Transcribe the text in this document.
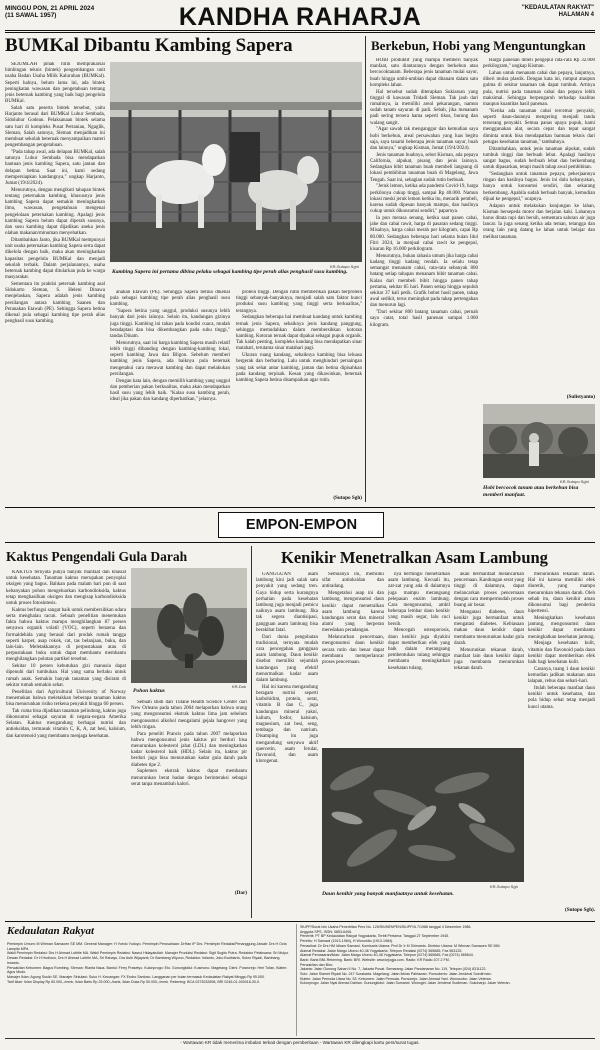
MINGGU PON, 21 APRIL 2024
(11 SAWAL 1957)	KANDHA RAHARJA	"KEDAULATAN RAKYAT"
HALAMAN 4
BUMKal Dibantu Kambing Sapera

SEJUMLAH pihak rutin memprakarsai bimbingan teknis (bintek) pengembangan unit usaha Badan Usaha Milik Kalurahan (BUMKal). Seperti halnya, belum lama ini, ada bintek peningkatan wawasan dan pengetahuan tentang jenis beternak kambing yang baik bagi pengelola BUMKal.

Salah satu peserta bintek tersebut, yaitu Harjanto berasal dari BUMKal Luhur Sembada, Sidoluhur Godean. Pelaksanaan bintek selama satu hari di kompleks Pusat Pertanian, Ngaglik, Sleman, Salah satunya, Sleman menjadikan ini membuat sekolah beternak menyampaikan materi pengembangan pengetahuan.

"Pada tahap awal, ada delapan BUMKal, salah satunya Luhur Sembada bisa mendapatkan bantuan jenis kambing Sapera, satu jantan dan delapan betina. Saat ini, kami sedang mempersiapkan kandangnya," ungkap Harjanto, Jumat (19/4/2024).

Menurutnya, dengan mengikuti tahapan bintek tentang peternakan kambing, khususnya jenis kambing Sapera dapat semakin meningkatkan ilmu, wawasan, pengetahuan mengenai pengelolaan peternakan kambing. Apalagi jenis kambing Sapera belum dapat diperah susunya, dan susu kambing dapat dijadikan aneka jenis olahan makanan/minuman menyehatkan.

Ditambahkan Janto, jika BUMKal mempunyai unit usaha peternakan kambing Sapera serta dapat dikelola dengan baik, maka akan meningkatkan kapasitas pengelola BUMKal dan menjadi sekolah terbaik. Dalam perjalanannya, usaha beternak kambing dapat ditularkan pula ke warga masyarakat.

Sementara itu praktisi peternak kambing asal Sidokarto Sleman, S. Heleni Dinawa menjelaskan, Sapera adalah jenis kambing persilangan antara kambing Saanen dan Peranakan Etawah (PE). Sehingga Sapera betina dikenal pula sebagai kambing tipe perah alias penghasil susu kambing.

KR-Sutopo Sghi
Kambing Sapera ini pertama dibina pelaku sebagai kambing tipe perah alias penghasil susu kambing.

anakan Etawah (PE). Sehingga Sapera betina dikenal pula sebagai kambing tipe perah alias penghasil susu kambing.

"Sapera betina yang unggul, produksi susunya lebih banyak dari jenis lainnya. Selain itu, kandungan gizinya juga tinggi. Kambing ini tahan pada kondisi cuaca, mudah beradaptasi dan bisa dikembangkan pada suhu tinggi," tandas Dinam.

Menurutnya, saat ini harga kambing Sapera masih relatif lebih tinggi dibanding dengan kambing-kambing lokal, seperti kambing Jawa dan Bligon. Sebelum memberi kambing jenis Sapera, ada baiknya pula beternak mengetahui cara merawat kambing dan dapat melakukan persilangan.

Dengan kata lain, dengan memilih kambing yang unggul dan pemberian pakan berkualitas, maka akan mendapatkan hasil susu yang lebih baik. "Kalau susu kambing perah, ideal jika pakan dan kandang diperhatikan," jelasnya.

protein tinggi. Dengan rutin memberikan pakan berprotein tinggi sebanyak-banyaknya, menjadi salah satu faktor kunci produksi susu kambing yang tinggi serta berkualitas," terangnya.

Sedangkan beberapa hal membuat kandang untuk kambing ternak jenis Sapera, sebaiknya jenis kandang panggung, sehingga memudahkan dalam membersihkan kotoran kambing. Kotoran ternak dapat dipakai sebagai pupuk organik. Tak kalah penting, kompleks kandang bisa mendapatkan sinar matahari, terutama sinar matahari pagi.

Ukuran ruang kandang, sebaiknya kambing bisa leluasa bergerak dan berbaring. Lalu untuk menghindari persaingan yang tak sehat antar kambing, jantan dan betina dipisahkan pada kandang terpisah. Kesan yang dikawinkan, beternak kambing Sapera betina disampaikan agar rutin.

(Sutopo Sgh)
Berkebun, Hobi yang Menguntungkan

HOBI produktif yang mampu memberi banyak manfaat, satu diantaranya dengan berkebun atau bercocoktanam. Beberapa jenis tanaman mulai sayur, buah hingga umbi-umbian dapat ditanam dalam satu kompleks lahan.

Hal tersebut sudah diterapkan Sukiarsan yang tinggal di kawasan Tridadi Sleman. Tak jauh dari rumahnya, ia memiliki areal pekarangan, namun sudah tanam sayuran di padi. Sebab, jika menanam padi sering tersera hama seperti tikus, burung dan walang sangit.

"Agar sawah tak menganggur dan kemudian saya hobi berkebun, areal persawahan yang luas begitu saja, saya tanami beberapa jenis tanaman sayur, buah dan lainnya," ungkap Kisman, Jumat (19/4/2024).

Jenis tanaman buahnya, sebut Kisman, ada pepaya California, alpukat, pisang dan jenis lainnya. Sedangkan bibit tanaman buah membeli langsung di lokasi pembibitan tanaman buah di Magelang, Jawa Tengah. Saat ini, sebagian sudah rutin berbuah.

"Jeruk lemon, ketika ada pandemi Covid-19, harga perkilonya cukup tinggi, sampai Rp 40.000. Namun lokasi meski jeruk lemon ketika itu, menarik pembeli, karena sudah dipesan banyak mampu, dan hasilnya cukup untuk dikonsumsi sendiri," paparnya.

Ia pun merasa senang, ketika saat panen cabai, jahe dan cabai rawit, harga di pasaran sedang tinggi. Misalnya, harga cabai merah per kilogram, capai Rp 80.000. Sedangkan beberapa hari selama bulan Idul Fitri 2024, ia menjual cabai rawit ke pengepul, kisaran Rp 16.000 perkilogram.

Menurutnya, bukan rahasia umum jika harga cabai kadang tinggi kadang rendah. Ia selalu tetap semangat menanam cabai, rata-rata sebanyak 800 batang setiap tahapan menanam bibit tanaman cabai. Kalau dari membeli bibit hingga panen tahap pertama, sekitar 85 hari. Panen setiap hingga sepuluh sekitar 37 kali petik. Grafik bobot hasil panen, tahap awal sedikit, terus meningkat pada tahap pertengahan dan menurun lagi.

"Dari sekitar 800 batang tanaman cabai, pernah saya catat, total hasil panenan sampai 1.060 kilogram.

Harga panenan dibeli pengepul rata-rata Rp 32.000 perkilogram," ungkap Kisman.

Lahan untuk menanam cabai dan pepaya, lanjutnya, diberi mulsa plastik. Dengan kata ini, rumput ataupun gulma di sekitar tanaman tak dapat tumbuh. Artinya pula, nutrisi pada tanaman cabai dan pepaya lebih maksimal. Sehingga berpengaruh terhadap kualitas maupun kuantitas hasil panenan.

"Ketika ada tanaman cabai tercemar penyakit, seperti daun-daunnya mengering menjadi tanda terserang penyakit. Semua panas upaya pupuk, kami menggunakan alat, secara cepat dan tepat sangat diminta untuk bisa mendapatkan bantuan teknis dari petugas kesehatan tanaman," tambahnya.

Ditambahkan, untuk jenis tanaman alpukat, sudah tumbuh tinggi dan berbuah lebat. Apalagi hasilnya sangat bagus, sudah berbuah lebat dan berkembang untuk dipasarkan, tetapi masih tahap awal pembibitan.

"Sedangkan untuk tanaman pepaya, pekerjaannya ringan dan hasilnya bagus. Jenis ini dulu kebanyakan, hanya untuk konsumsi sendiri, dan sekarang berkembang. Apabila sudah berbuah banyak, kemudian dijual ke pengepul," ucapnya.

Adapun untuk melakukan kunjungan ke lahan, Kisman bersepeda motor dan berjalan kaki. Lahannya harus ditata rapi dan bersih, sementara saluran air juga lancar. Ia juga senang ketika ada teman, tetangga dan orang lain yang datang ke lahan untuk belajar dan melihat tanaman.

(Sulistyanto)
KR-Sutopo Sghi
Hobi bercocok tanam atau berkebun bisa memberi manfaat.
EMPON-EMPON
Kaktus Pengendali Gula Darah

KAKTUS ternyata punya banyak manfaat dan khasiat untuk kesehatan. Tanaman kaktus merupakan penyuplai oksigen yang bagus. Bahkan pada malam hari pun di saat kebanyakan pohon mengeluarkan karbondioksida, kaktus tetap menghasilkan oksigen dan mengisap karbondioksida untuk proses fotosintesis.

Kaktus berfungsi sangat baik untuk membersihkan udara serta menghalau racun. Sebuah penelitian menemukan fakta bahwa kaktus mampu menghilangkan 87 persen senyawa organik volatil (VOC), seperti benzena dan formaldehida yang berasal dari produk rumah tangga seperti karpet, asap rokok, cat, tas belanjaan, buku, dan lain-lain. Meletakkannya di perpustakaan atau di perpustakaan buku untuk dapat membantu membantu menghilangkan polutan partikel tersebut.

Sekitar 10 persen kebutuhan gizi manusia dapat dipenuhi dari tumbuhan. Hal yang sama berlaku untuk rumah anak. Semakin banyak tanaman yang disiram di sekitar rumah semakin sehat.

Penelitian dari Agricultural University of Norway menemukan bahwa meletakkan beberapa tanaman kaktus bisa menurunkan risiko terkena penyakit hingga 60 persen.

Tak cuma bisa dijadikan tanaman pelindung, kaktus juga dikonsumsi sebagai sayuran di negara-negara Amerika Selatan. Kaktus mengandung berbagai nutrisi dan antioksidan, termasuk vitamin C, K, A, zat besi, kalsium, dan karotenoid yang membantu menjaga kesehatan.

KR-Dok
Pohon kaktus

Sebuah studi dari Tulane Health Science Center dari New Orleans pada tahun 2004 melaporkan bahwa orang yang mengonsumsi ekstrak kaktus lima jam sebelum mengonsumsi alkohol mengalami gejala hangover yang lebih ringan.

Para peneliti Prancis pada tahun 2007 melaporkan bahwa mengonsumsi jenis kaktus pir berduri bisa menurunkan kolesterol jahat (LDL) dan meningkatkan kadar kolesterol baik (HDL). Selain itu, kaktus pir berduri juga bisa menurunkan kadar gula darah pada diabetes tipe 2.

Suplemen ekstrak kaktus dapat membantu menurunkan berat badan dengan berinteraksi sebagai serat tanpa menambah kalori.

(Dar)
Kenikir Menetralkan Asam Lambung

GANGGUAN asam lambung kini jadi salah satu penyakit yang sedang tren. Gaya hidup serta kurangnya perhatian pada kesehatan lambung juga menjadi pemicu naiknya asam lambung. Jika tak segera diantisipasi, gangguan asam lambung bisa berakibat fatal.

Dari dunia pengobatan tradisional, ternyata mudah cara pencegahan gangguan asam lambung. Daun kenikir disebut memiliki sejumlah kandungan yang efektif menormalkan kadar asam dalam lambung.

Hal ini karena mengandung beragam nutrisi seperti karbohidrat, protein, serat, vitamin B dan C, juga kandungan mineral yakni, kalium, fosfor, kalsium, magnesium, zat besi, seng, tembaga dan natrium. Disamping itu juga mengandung senyawa aktif quercetin, asam ferulat, flavonoid, dan asam klorogenat.

Semuanya ini, memiliki sifat antioksidan dan antiradang.

Mengetahui asap ini dan lambung, mengonsumsi daun kenikir dapat menetralkan asam lambung karena kandungan serat dan mineral alami yang berperan meredakan peradangan.

Melancarkan pencernaan, mengonsumsi daun kenikir secara rutin dan benar dapat membantu memperlancar proses pencernaan.

nya berfungsi menetralkan asam lambung. Kecuali itu, zat-zat yang ada di dalamnya juga mampu merangsang pelepasan enzim lambung. Cara mengonsumsi, ambil beberapa lembar daun kenikir yang masih segar, lalu cuci bersih.

Mencegah osteoporosis, daun kenikir juga diyakini dapat memberikan efek yang baik dalam merangsang pembentukan tulang sehingga membantu meningkatkan kesehatan tulang.

akan bermanfaat melancarkan pencernaan. Kandungan serat yang tinggi di dalamnya, dapat melancarkan proses pencernaan dengan cara mempermudah proses buang air besar.

Mengatasi diabetes, daun kenikir juga bermanfaat untuk mengatasi diabetes. Kebiasaan makan daun kenikir dapat membantu menurunkan kadar gula darah.

Menurunkan tekanan darah, manfaat lain daun kenikir dapat juga membantu menurunkan tekanan darah.

menurunkan tekanan darah. Hal ini karena memiliki efek diuretik, yang mampu menurunkan tekanan darah. Oleh sebab itu, daun kenikir aman dikonsumsi bagi penderita hipertensi.

Meningkatkan kesehatan jantung, mengonsumsi daun kenikir dapat membantu meningkatkan kesehatan jantung.

Menjaga kesehatan kulit, vitamin dan flavonoid pada daun kenikir dapat memberikan efek baik bagi kesehatan kulit.

Caranya, tuang 1 daun kenikir kemudian jadikan makanan atau lalapan, rebus dan sehari-hari.

Itulah beberapa manfaat daun kenikir untuk kesehatan, dan pola hidup sehat tetap menjadi kunci utama.

KR-Sutopo Sgh
Daun kenikir yang banyak manfaatnya untuk kesehatan.
(Sutopo Sgh).
Kedaulatan Rakyat

Pemimpin Umum: M Wirman Samaoen SE MM. General Manager: H Yoedo Yudoyo. Pemimpin Perusahaan: DrHan IP Drs. Pemimpin Redaksi/Penanggung Jawab: Drs H Octo Lampito MPd.

Wakil Pemimpin Redaksi: Drs H Ahmad Luthfie MA. Wakil Pemimpin Redaksi: Nasrul Hidayatullah. Manajer Produksi Redaksi: Sigit Sugito Putra. Redaktur Pelaksana: Sri Mulyo.

Dewan Redaksi: Dr H Hudiono, Drs H Ahmad Luthfie MA, Sri Rahayu, Dra Asih Wijayanti, Dr Bambang Wiyono, Redaktur: Istianto, Joko Budhiarto, Sukro Riyadi, Bambang Irwanto.

Perwakilan Kebumen: Bagus Rumbing. Sleman: Rianta Naus. Bantul: Ferry Prasetyo. Kulonprogo: Eto. Gunungkidul: Kusmono. Magelang: Dieni. Purworejo: Heri Tufan, Klaten: Agus Mudo.

Manajer Iklan: Agung Susilo SE. Manajer Sirkulasi: Suko H. Keuangan: FX Endro Santoso. Langganan per bulan termasuk Kedaulatan Rakyat Minggu Rp 95.000.

Tarif iklan: Iklan Display Rp 60.000,-/mmk, Iklan Baris Rp 25.000,-/baris, Iklan Duka Rp 50.000,-/mmk. Rekening: BCA 0373032898, BRI 0245-01-000016-30-0.

SIUPP/Surat Izin Usaha Penerbitan Pers No. 125/SK/MENPEN/SIUPP/A.7/1986 tanggal 4 Desember 1986.

Anggota SPS. ISSN: 0853-6406.

Penerbit: PT BP Kedaulatan Rakyat Yogyakarta, Terbit Pertama: Tanggal 27 September 1945.

Perintis: H Samawi (1913-1984), H Wonohito (1913-1984).

Penasihat: Dr Drs HM Idham Samawi. Komisaris Utama: Prof Dr Ir M Sirimanto. Direktur Utama: M Wirman Samaoen SE MM.

Alamat Redaksi: Jalan Margo Utomo 40-46 Yogyakarta, Telepon Redaksi (0274) 565685, Fax 563125.

Alamat Pemasaran/Iklan: Jalan Margo Utomo 40-46 Yogyakarta. Telepon (0274) 565685, Fax (0274) 565644.

Bank: Bank BNI-Rekening. Bank: BRI. Website: www.krjogja.com. Radio: KR Radio 107.2 FM.

Perwakilan dan Biro:

Jakarta: Jalan Gunung Sahari II No. 7, Jakarta Pusat. Semarang: Jalan Pandanaran No. 119, Telepon (024) 8311122.

Solo: Jalan Slamet Riyadi No. 247 Surakarta. Magelang: Jalan Ikhlas Pahlawan. Purwokerto: Jalan Jenderal Soedirman.

Klaten: Jalan Pemuda Utara No. 53. Kebumen: Jalan Pemuda. Purworejo: Jalan Ahmad Yani. Wonosobo: Jalan Veteran.

Kulonprogo: Jalan Nyai Ahmad Dahlan. Gunungkidul: Jalan Sumarwi. Wonogiri: Jalan Jenderal Sudirman. Sukoharjo: Jalan Veteran.

- Wartawan KR tidak menerima imbalan terkait dengan pemberitaan - Wartawan KR dilengkapi kartu pers/surat tugas.
